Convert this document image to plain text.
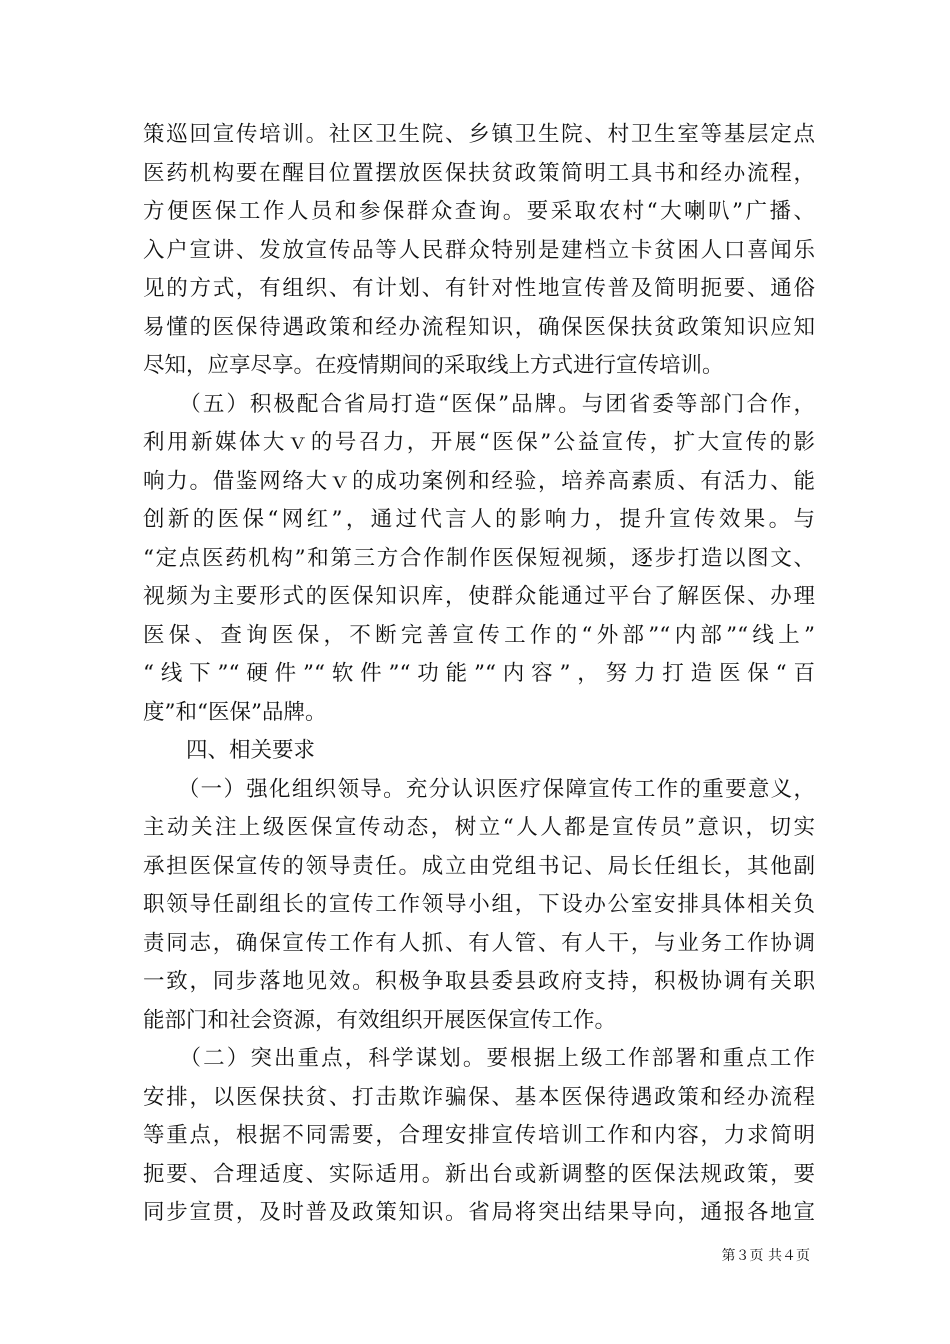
策巡回宣传培训。社区卫生院、乡镇卫生院、村卫生室等基层定点
医药机构要在醒目位置摆放医保扶贫政策简明工具书和经办流程，
方便医保工作人员和参保群众查询。要采取农村“大喇叭”广播、
入户宣讲、发放宣传品等人民群众特别是建档立卡贫困人口喜闻乐
见的方式，有组织、有计划、有针对性地宣传普及简明扼要、通俗
易懂的医保待遇政策和经办流程知识，确保医保扶贫政策知识应知
尽知，应享尽享。在疫情期间的采取线上方式进行宣传培训。
　　（五）积极配合省局打造“医保”品牌。与团省委等部门合作，
利用新媒体大ｖ的号召力，开展“医保”公益宣传，扩大宣传的影
响力。借鉴网络大ｖ的成功案例和经验，培养高素质、有活力、能
创新的医保“网红”，通过代言人的影响力，提升宣传效果。与
“定点医药机构”和第三方合作制作医保短视频，逐步打造以图文、
视频为主要形式的医保知识库，使群众能通过平台了解医保、办理
医保、查询医保，不断完善宣传工作的“外部”“内部”“线上”
“线下”“硬件”“软件”“功能”“内容”，努力打造医保“百
度”和“医保”品牌。
　　四、相关要求
　　（一）强化组织领导。充分认识医疗保障宣传工作的重要意义，
主动关注上级医保宣传动态，树立“人人都是宣传员”意识，切实
承担医保宣传的领导责任。成立由党组书记、局长任组长，其他副
职领导任副组长的宣传工作领导小组，下设办公室安排具体相关负
责同志，确保宣传工作有人抓、有人管、有人干，与业务工作协调
一致，同步落地见效。积极争取县委县政府支持，积极协调有关职
能部门和社会资源，有效组织开展医保宣传工作。
　　（二）突出重点，科学谋划。要根据上级工作部署和重点工作
安排，以医保扶贫、打击欺诈骗保、基本医保待遇政策和经办流程
等重点，根据不同需要，合理安排宣传培训工作和内容，力求简明
扼要、合理适度、实际适用。新出台或新调整的医保法规政策，要
同步宣贯，及时普及政策知识。省局将突出结果导向，通报各地宣
第３页 共４页
